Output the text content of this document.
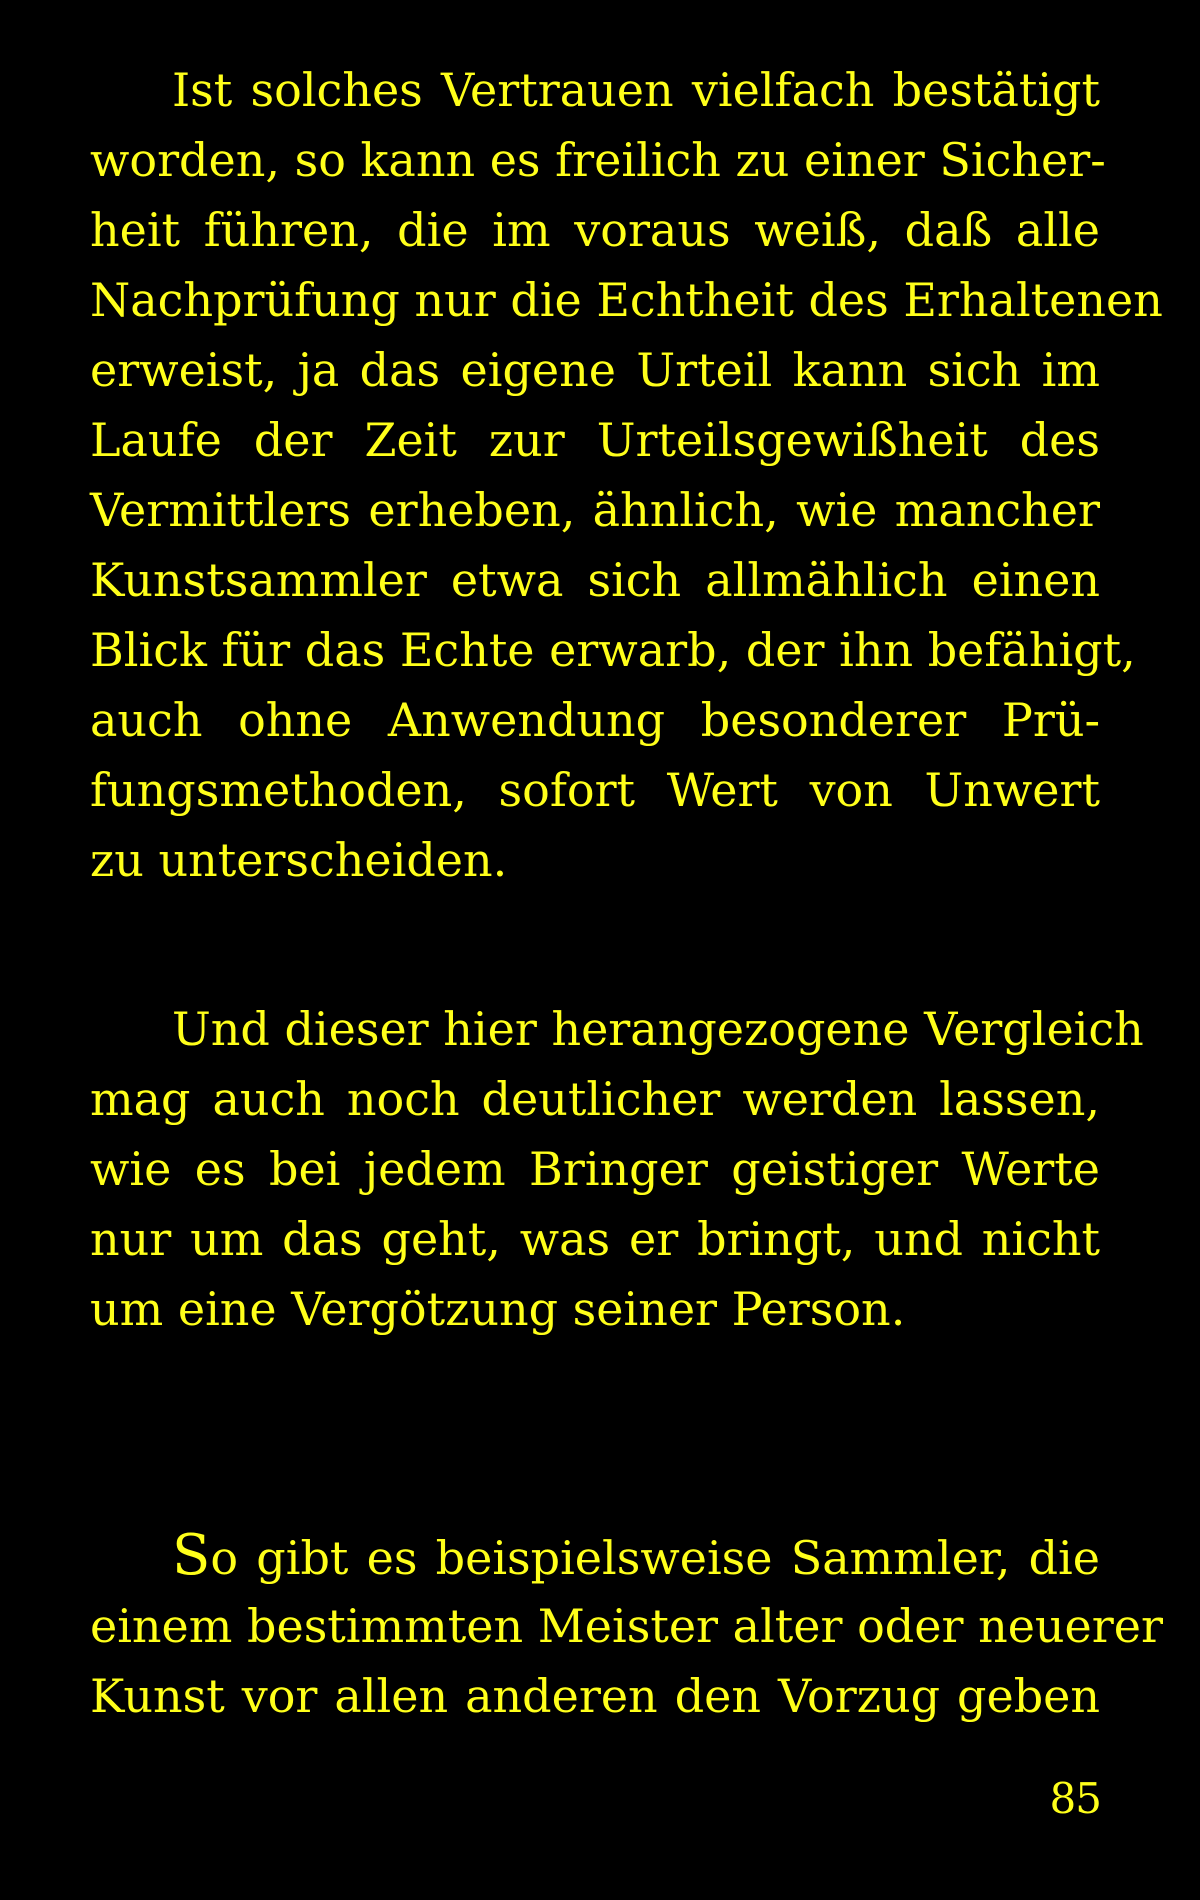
Ist solches Vertrauen vielfach bestätigt
worden, so kann es freilich zu einer Sicher-
heit führen, die im voraus weiß, daß alle
Nachprüfung nur die Echtheit des Erhaltenen
erweist, ja das eigene Urteil kann sich im
Laufe der Zeit zur Urteilsgewißheit des
Vermittlers erheben, ähnlich, wie mancher
Kunstsammler etwa sich allmählich einen
Blick für das Echte erwarb, der ihn befähigt,
auch ohne Anwendung besonderer Prü-
fungsmethoden, sofort Wert von Unwert
zu unterscheiden.

Und dieser hier herangezogene Vergleich
mag auch noch deutlicher werden lassen,
wie es bei jedem Bringer geistiger Werte
nur um das geht, was er bringt, und nicht
um eine Vergötzung seiner Person.

So gibt es beispielsweise Sammler, die
einem bestimmten Meister alter oder neuerer
Kunst vor allen anderen den Vorzug geben

85
